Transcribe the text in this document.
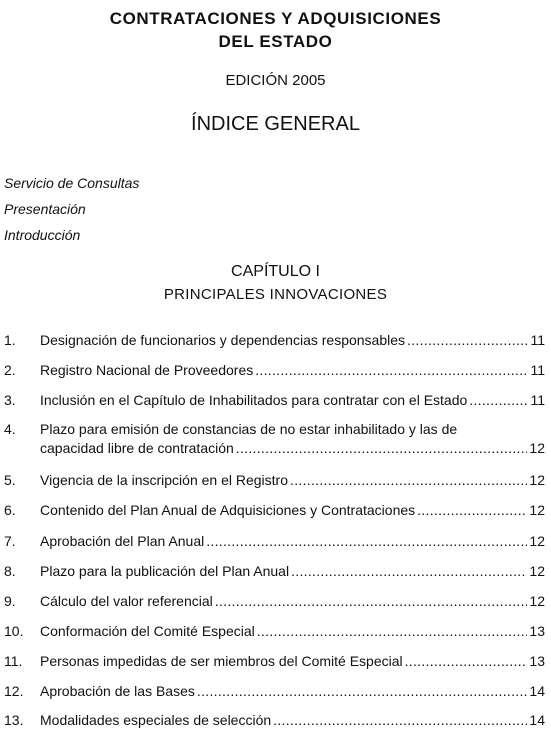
CONTRATACIONES Y ADQUISICIONES
DEL ESTADO
EDICIÓN 2005
ÍNDICE GENERAL
Servicio de Consultas
Presentación
Introducción
CAPÍTULO I
PRINCIPALES INNOVACIONES
1.	Designación de funcionarios y dependencias responsables .....	11
2.	Registro Nacional de Proveedores .....	11
3.	Inclusión en el Capítulo de Inhabilitados para contratar con el Estado .....	11
4.	Plazo para emisión de constancias de no estar inhabilitado y las de
capacidad libre de contratación .....	12
5.	Vigencia de la inscripción en el Registro .....	12
6.	Contenido del Plan Anual de Adquisiciones y Contrataciones .....	12
7.	Aprobación del Plan Anual .....	12
8.	Plazo para la publicación del Plan Anual .....	12
9.	Cálculo del valor referencial .....	12
10.	Conformación del Comité Especial .....	13
11.	Personas impedidas de ser miembros del Comité Especial .....	13
12.	Aprobación de las Bases .....	14
13.	Modalidades especiales de selección .....	14
